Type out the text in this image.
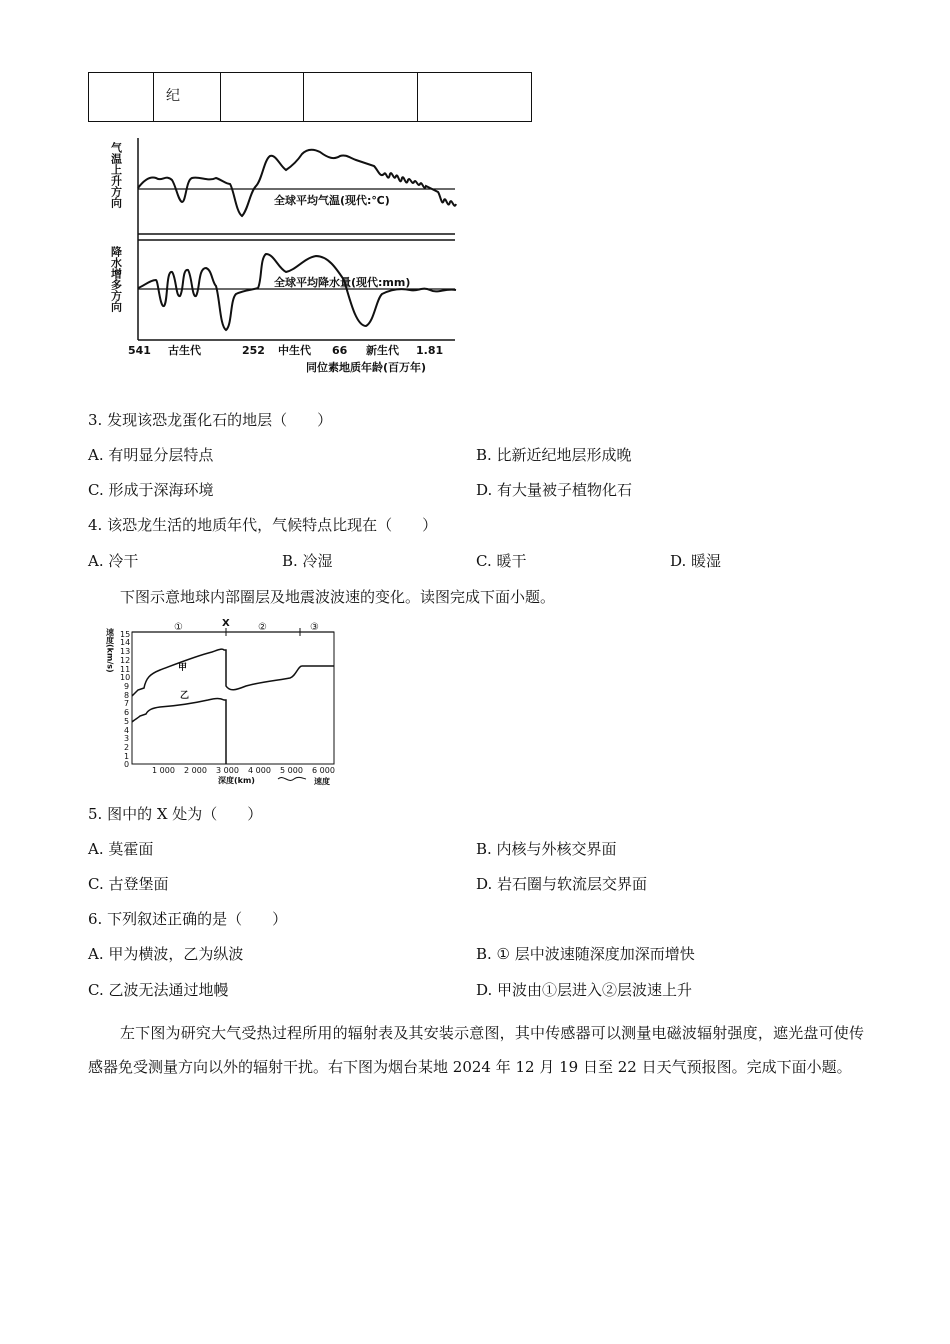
纪

气温上升方向
降水增多方向
全球平均气温(现代:℃)
全球平均降水量(现代:mm)
541 古生代	252 中生代 66 新生代 1.81
同位素地质年龄(百万年)
3. 发现该恐龙蛋化石的地层（　　）
A. 有明显分层特点	B. 比新近纪地层形成晚
C. 形成于深海环境	D. 有大量被子植物化石
4. 该恐龙生活的地质年代，气候特点比现在（　　）
A. 冷干	B. 冷湿	C. 暖干	D. 暖湿
下图示意地球内部圈层及地震波波速的变化。读图完成下面小题。
速度(km/s)
①	X	②	③
15
14
13
12
11
10
9
8
7
6
5
4
3
2
1
0
甲
乙
1 000 2 000 3 000 4 000 5 000 6 000
深度(km)	速度
5. 图中的 X 处为（　　）
A. 莫霍面	B. 内核与外核交界面
C. 古登堡面	D. 岩石圈与软流层交界面
6. 下列叙述正确的是（　　）
A. 甲为横波，乙为纵波	B. ① 层中波速随深度加深而增快
C. 乙波无法通过地幔	D. 甲波由①层进入②层波速上升
左下图为研究大气受热过程所用的辐射表及其安装示意图，其中传感器可以测量电磁波辐射强度，遮光盘可使传感器免受测量方向以外的辐射干扰。右下图为烟台某地 2024 年 12 月 19 日至 22 日天气预报图。完成下面小题。
